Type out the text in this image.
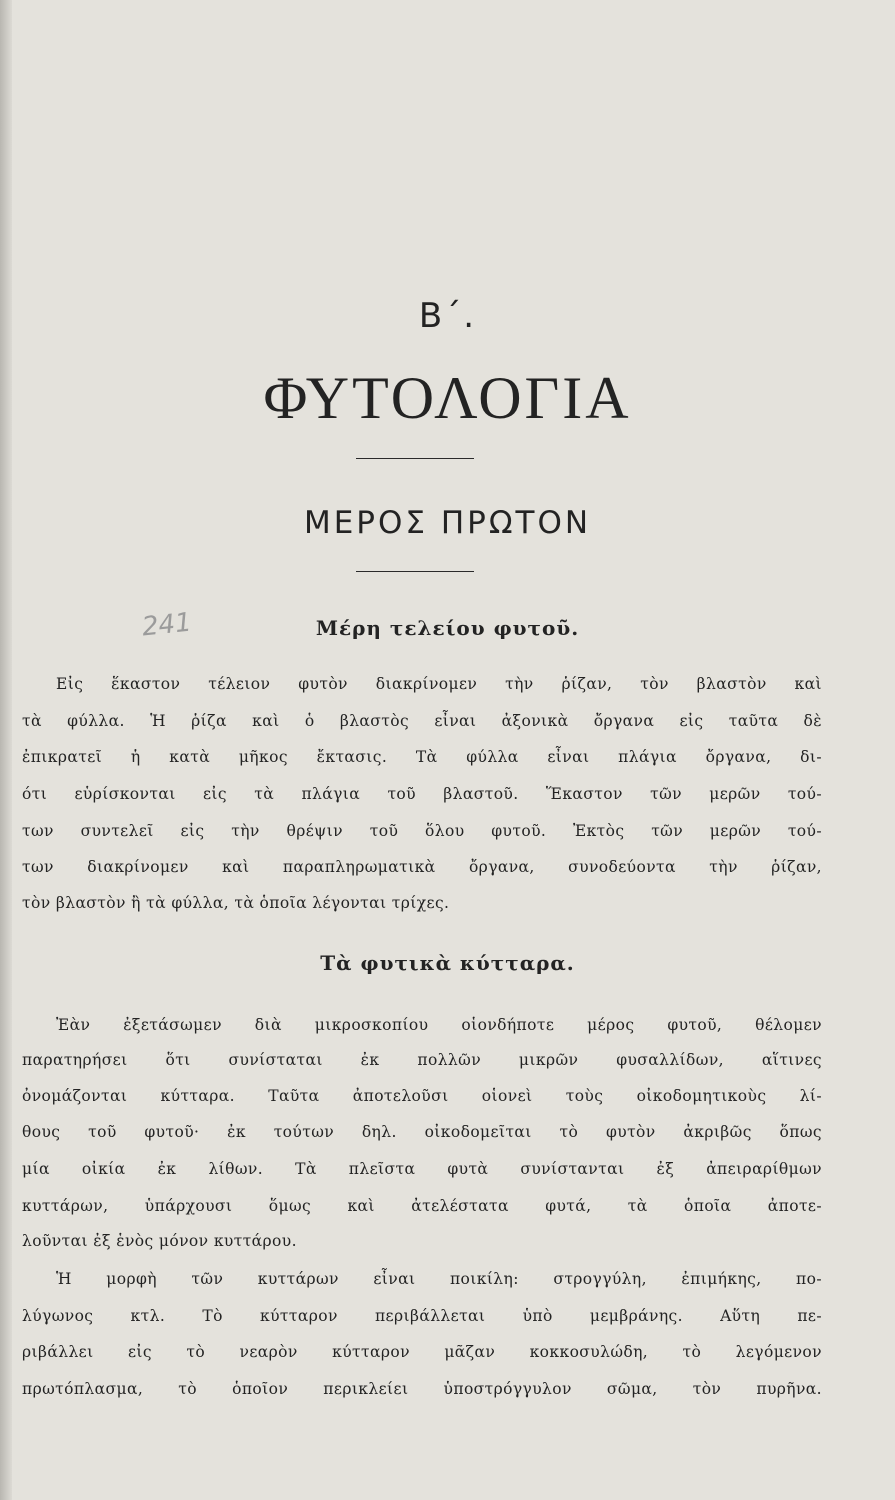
Β΄.
ΦΥΤΟΛΟΓΙΑ
ΜΕΡΟΣ ΠΡΩΤΟΝ
241	Μέρη τελείου φυτοῦ.
Εἰς ἕκαστον τέλειον φυτὸν διακρίνομεν τὴν ῥίζαν, τὸν βλαστὸν καὶ
τὰ φύλλα. Ἡ ῥίζα καὶ ὁ βλαστὸς εἶναι ἀξονικὰ ὄργανα εἰς ταῦτα δὲ
ἐπικρατεῖ ἡ κατὰ μῆκος ἔκτασις. Τὰ φύλλα εἶναι πλάγια ὄργανα, δι-
ότι εὑρίσκονται εἰς τὰ πλάγια τοῦ βλαστοῦ. Ἕκαστον τῶν μερῶν τού-
των συντελεῖ εἰς τὴν θρέψιν τοῦ ὅλου φυτοῦ. Ἐκτὸς τῶν μερῶν τού-
των διακρίνομεν καὶ παραπληρωματικὰ ὄργανα, συνοδεύοντα τὴν ῥίζαν,
τὸν βλαστὸν ἢ τὰ φύλλα, τὰ ὁποῖα λέγονται τρίχες.
Τὰ φυτικὰ κύτταρα.
Ἐὰν ἐξετάσωμεν διὰ μικροσκοπίου οἱονδήποτε μέρος φυτοῦ, θέλομεν
παρατηρήσει ὅτι συνίσταται ἐκ πολλῶν μικρῶν φυσαλλίδων, αἵτινες
ὀνομάζονται κύτταρα. Ταῦτα ἀποτελοῦσι οἱονεὶ τοὺς οἰκοδομητικοὺς λί-
θους τοῦ φυτοῦ· ἐκ τούτων δηλ. οἰκοδομεῖται τὸ φυτὸν ἀκριβῶς ὅπως
μία οἰκία ἐκ λίθων. Τὰ πλεῖστα φυτὰ συνίστανται ἐξ ἀπειραρίθμων
κυττάρων, ὑπάρχουσι ὅμως καὶ ἀτελέστατα φυτά, τὰ ὁποῖα ἀποτε-
λοῦνται ἐξ ἑνὸς μόνον κυττάρου.
Ἡ μορφὴ τῶν κυττάρων εἶναι ποικίλη: στρογγύλη, ἐπιμήκης, πο-
λύγωνος κτλ. Τὸ κύτταρον περιβάλλεται ὑπὸ μεμβράνης. Αὕτη πε-
ριβάλλει εἰς τὸ νεαρὸν κύτταρον μᾶζαν κοκκοσυλώδη, τὸ λεγόμενον
πρωτόπλασμα, τὸ ὁποῖον περικλείει ὑποστρόγγυλον σῶμα, τὸν πυρῆνα.
